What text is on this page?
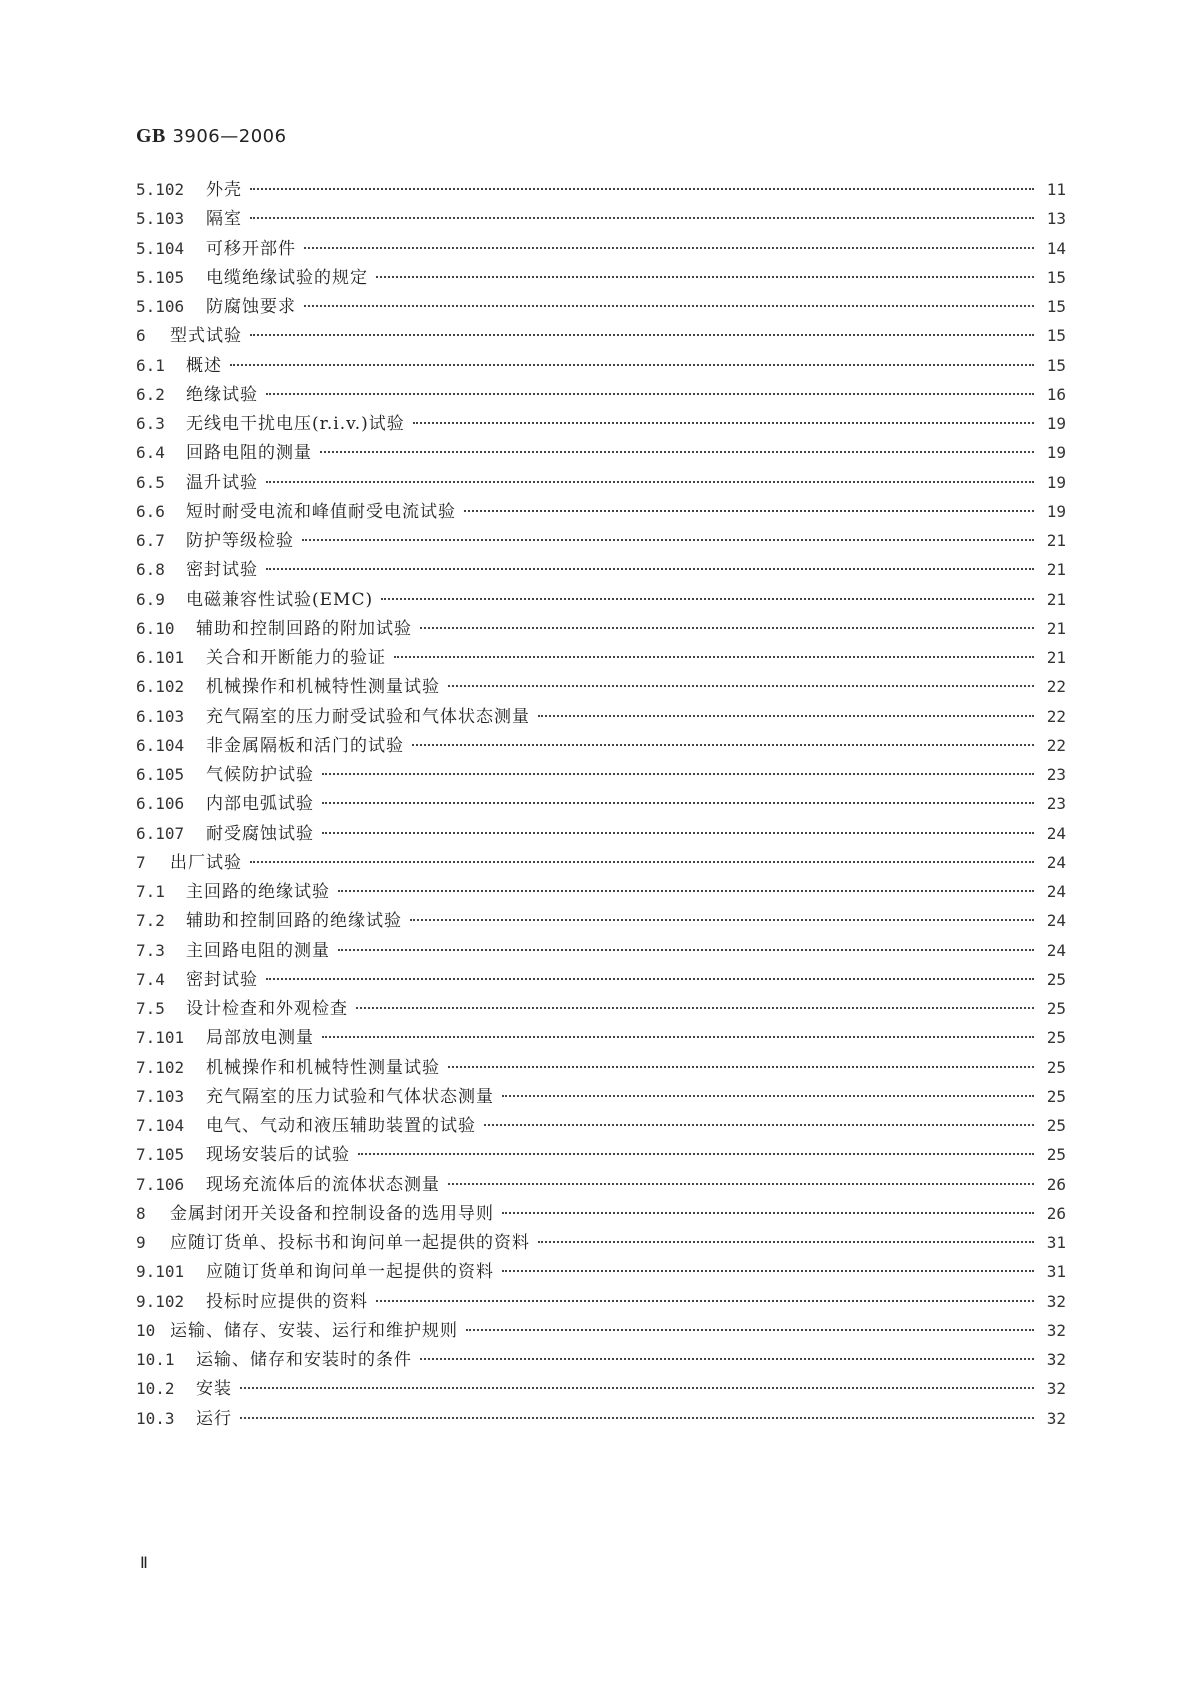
GB 3906—2006
5.102	外壳	11
5.103	隔室	13
5.104	可移开部件	14
5.105	电缆绝缘试验的规定	15
5.106	防腐蚀要求	15
6	型式试验	15
6.1	概述	15
6.2	绝缘试验	16
6.3	无线电干扰电压(r.i.v.)试验	19
6.4	回路电阻的测量	19
6.5	温升试验	19
6.6	短时耐受电流和峰值耐受电流试验	19
6.7	防护等级检验	21
6.8	密封试验	21
6.9	电磁兼容性试验(EMC)	21
6.10	辅助和控制回路的附加试验	21
6.101	关合和开断能力的验证	21
6.102	机械操作和机械特性测量试验	22
6.103	充气隔室的压力耐受试验和气体状态测量	22
6.104	非金属隔板和活门的试验	22
6.105	气候防护试验	23
6.106	内部电弧试验	23
6.107	耐受腐蚀试验	24
7	出厂试验	24
7.1	主回路的绝缘试验	24
7.2	辅助和控制回路的绝缘试验	24
7.3	主回路电阻的测量	24
7.4	密封试验	25
7.5	设计检查和外观检查	25
7.101	局部放电测量	25
7.102	机械操作和机械特性测量试验	25
7.103	充气隔室的压力试验和气体状态测量	25
7.104	电气、气动和液压辅助装置的试验	25
7.105	现场安装后的试验	25
7.106	现场充流体后的流体状态测量	26
8	金属封闭开关设备和控制设备的选用导则	26
9	应随订货单、投标书和询问单一起提供的资料	31
9.101	应随订货单和询问单一起提供的资料	31
9.102	投标时应提供的资料	32
10 运输、储存、安装、运行和维护规则	32
10.1	运输、储存和安装时的条件	32
10.2	安装	32
10.3	运行	32
Ⅱ
